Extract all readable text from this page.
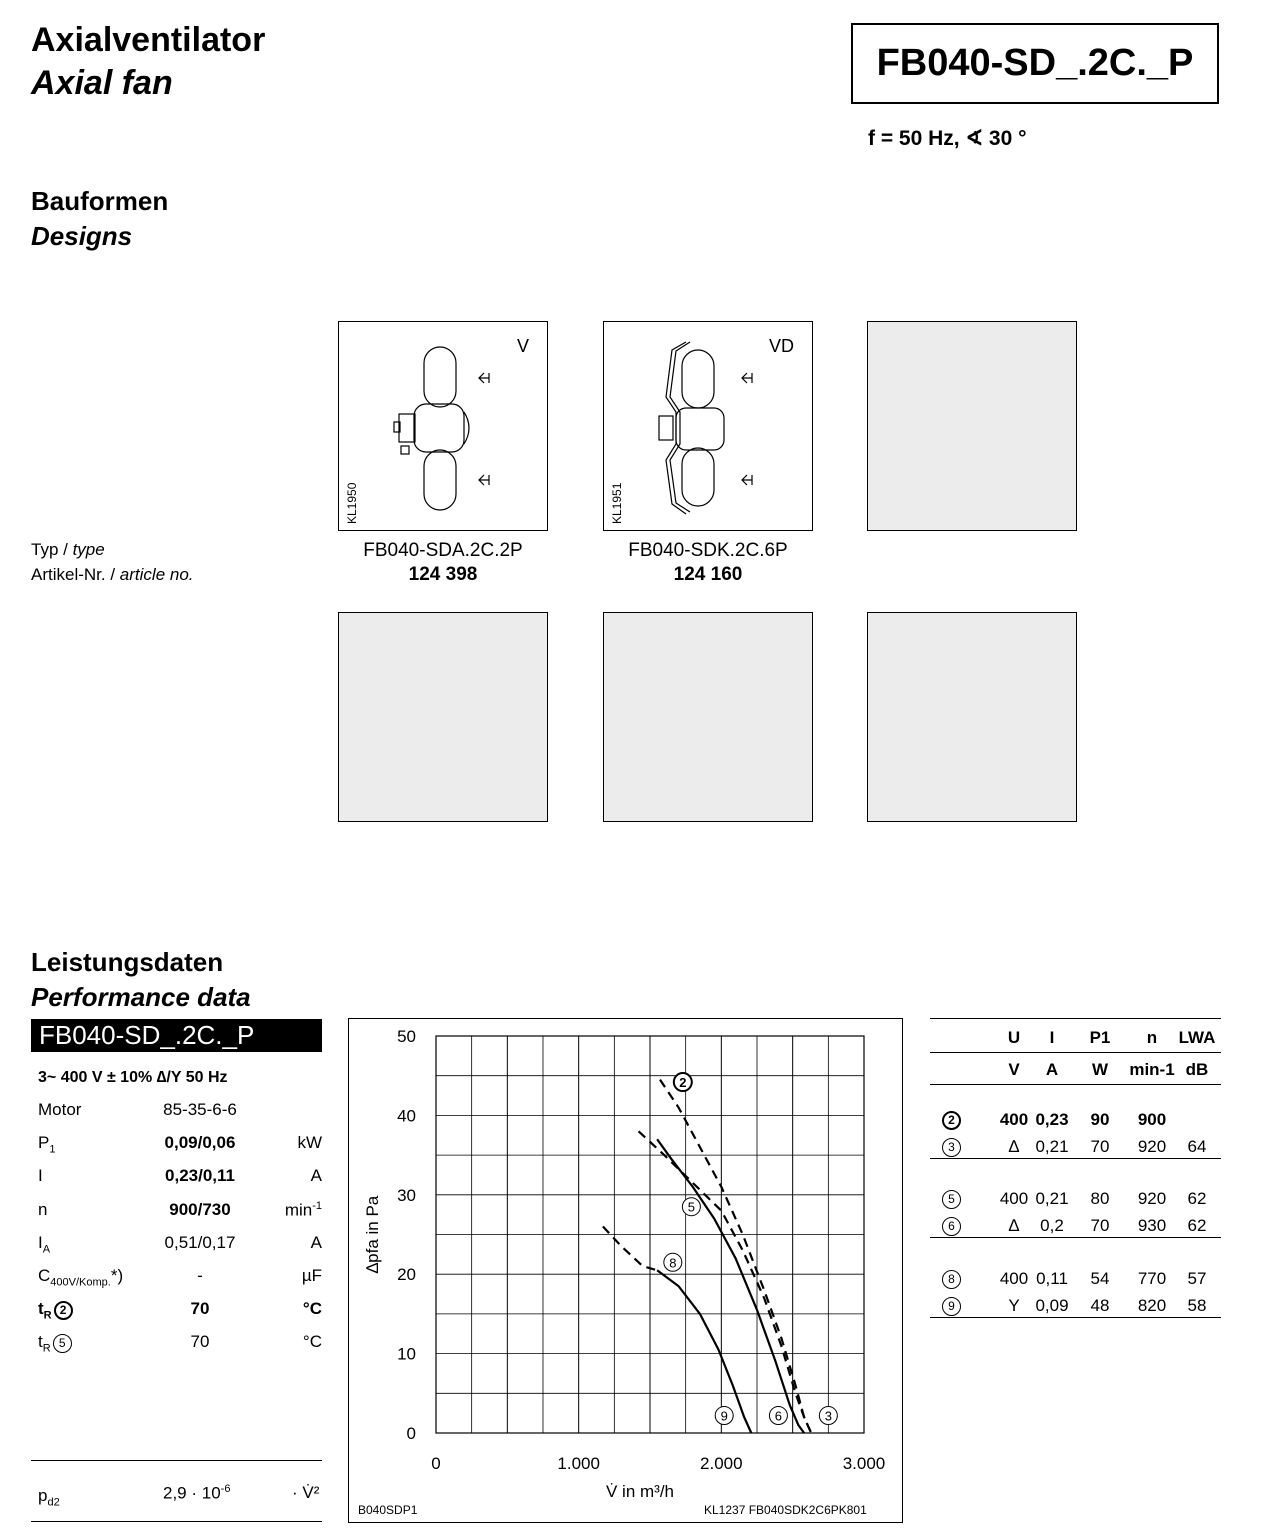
Axialventilator
Axial fan	FB040-SD_.2C._P
f = 50 Hz, ∢ 30 °
Bauformen
Designs
V
KL1950
VD
KL1951
Typ / type
Artikel-Nr. / article no.
FB040-SDA.2C.2P
124 398
FB040-SDK.2C.6P
124 160
Leistungsdaten
Performance data
FB040-SD_.2C._P
3~ 400 V ± 10% ∆/Y 50 Hz
Motor	85-35-6-6
$P_1$	0,09/0,06	kW
I	0,23/0,11	A
n	900/730	$\min^{-1}$
$I_A$	0,51/0,17	A
$C_{400V/Komp.}*$)	-	µF
$t_R$ 2	70	°C
$t_R$ 5	70	°C
$p_{d2}$	$2,9 \cdot 10^{-6}$	· V̇²
0
10
20
30
40
50
0	1.000	2.000	3.000
V̇ in m³/h
∆pfa in Pa
2
5
8
9	6	3
B040SDP1	KL1237 FB040SDK2C6PK801
U	I	P1	n	LWA
V	A	W	min-1 dB
2	400 0,23	90	900
3	∆ 0,21	70	920	64
5	400 0,21	80	920	62
6	∆	0,2	70	930	62
8	400 0,11	54	770	57
9	Y 0,09	48	820	58
